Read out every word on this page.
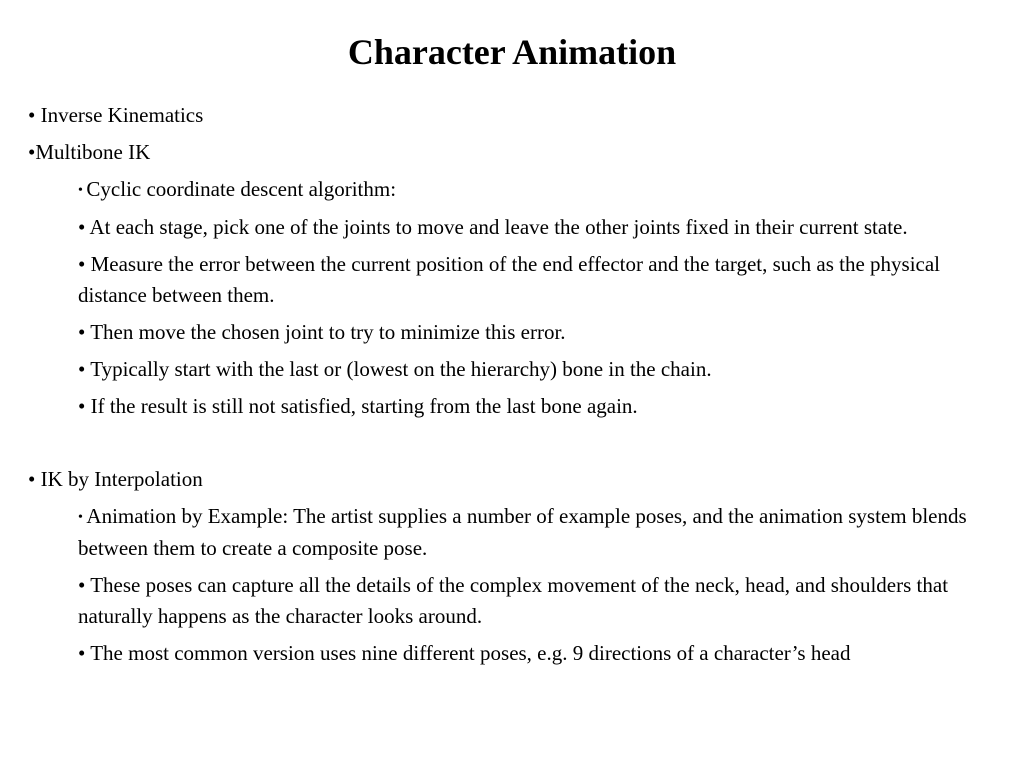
Character Animation
• Inverse Kinematics
•Multibone IK
• Cyclic coordinate descent algorithm:
• At each stage, pick one of the joints to move and leave the other joints fixed in their current state.
• Measure the error between the current position of the end effector and the target, such as the physical distance between them.
• Then move the chosen joint to try to minimize this error.
• Typically start with the last or (lowest on the hierarchy) bone in the chain.
• If the result is still not satisfied, starting from the last bone again.
• IK by Interpolation
• Animation by Example: The artist supplies a number of example poses, and the animation system blends between them to create a composite pose.
• These poses can capture all the details of the complex movement of the neck, head, and shoulders that naturally happens as the character looks around.
• The most common version uses nine different poses, e.g. 9 directions of a character’s head
